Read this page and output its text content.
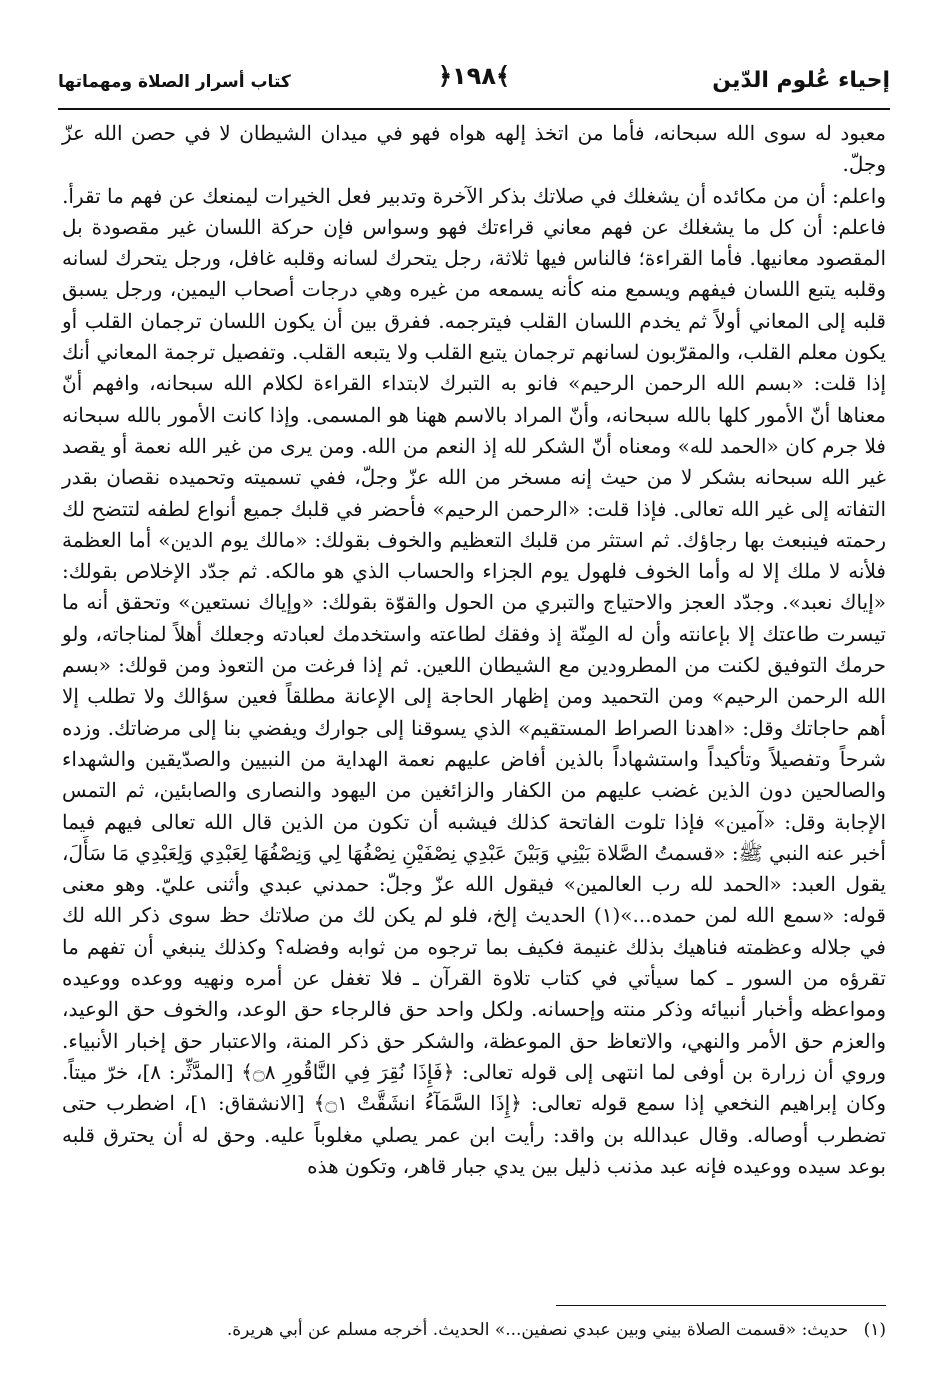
إحياء عُلوم الدّين
﴿١٩٨﴾
كتاب أسرار الصلاة ومهماتها

معبود له سوى الله سبحانه، فأما من اتخذ إلهه هواه فهو في ميدان الشيطان لا في حصن الله عزّ وجلّ.

واعلم: أن من مكائده أن يشغلك في صلاتك بذكر الآخرة وتدبير فعل الخيرات ليمنعك عن فهم ما تقرأ.

فاعلم: أن كل ما يشغلك عن فهم معاني قراءتك فهو وسواس فإن حركة اللسان غير مقصودة بل المقصود معانيها. فأما القراءة؛ فالناس فيها ثلاثة، رجل يتحرك لسانه وقلبه غافل، ورجل يتحرك لسانه وقلبه يتبع اللسان فيفهم ويسمع منه كأنه يسمعه من غيره وهي درجات أصحاب اليمين، ورجل يسبق قلبه إلى المعاني أولاً ثم يخدم اللسان القلب فيترجمه. ففرق بين أن يكون اللسان ترجمان القلب أو يكون معلم القلب، والمقرّبون لسانهم ترجمان يتبع القلب ولا يتبعه القلب. وتفصيل ترجمة المعاني أنك إذا قلت: «بسم الله الرحمن الرحيم» فانو به التبرك لابتداء القراءة لكلام الله سبحانه، وافهم أنّ معناها أنّ الأمور كلها بالله سبحانه، وأنّ المراد بالاسم ههنا هو المسمى. وإذا كانت الأمور بالله سبحانه فلا جرم كان «الحمد لله» ومعناه أنّ الشكر لله إذ النعم من الله. ومن يرى من غير الله نعمة أو يقصد غير الله سبحانه بشكر لا من حيث إنه مسخر من الله عزّ وجلّ، ففي تسميته وتحميده نقصان بقدر التفاته إلى غير الله تعالى. فإذا قلت: «الرحمن الرحيم» فأحضر في قلبك جميع أنواع لطفه لتتضح لك رحمته فينبعث بها رجاؤك. ثم استثر من قلبك التعظيم والخوف بقولك: «مالك يوم الدين» أما العظمة فلأنه لا ملك إلا له وأما الخوف فلهول يوم الجزاء والحساب الذي هو مالكه. ثم جدّد الإخلاص بقولك: «إياك نعبد». وجدّد العجز والاحتياج والتبري من الحول والقوّة بقولك: «وإياك نستعين» وتحقق أنه ما تيسرت طاعتك إلا بإعانته وأن له المِنّة إذ وفقك لطاعته واستخدمك لعبادته وجعلك أهلاً لمناجاته، ولو حرمك التوفيق لكنت من المطرودين مع الشيطان اللعين. ثم إذا فرغت من التعوذ ومن قولك: «بسم الله الرحمن الرحيم» ومن التحميد ومن إظهار الحاجة إلى الإعانة مطلقاً فعين سؤالك ولا تطلب إلا أهم حاجاتك وقل: «اهدنا الصراط المستقيم» الذي يسوقنا إلى جوارك ويفضي بنا إلى مرضاتك. وزده شرحاً وتفصيلاً وتأكيداً واستشهاداً بالذين أفاض عليهم نعمة الهداية من النبيين والصدّيقين والشهداء والصالحين دون الذين غضب عليهم من الكفار والزائغين من اليهود والنصارى والصابئين، ثم التمس الإجابة وقل: «آمين» فإذا تلوت الفاتحة كذلك فيشبه أن تكون من الذين قال الله تعالى فيهم فيما أخبر عنه النبي ﷺ: «قسمتُ الصَّلاة بَيْنِي وَبَيْنَ عَبْدِي نِصْفَيْنِ نِصْفُهَا لِي وَنِصْفُهَا لِعَبْدِي وَلِعَبْدِي مَا سَأَلَ، يقول العبد: «الحمد لله رب العالمين» فيقول الله عزّ وجلّ: حمدني عبدي وأثنى عليّ. وهو معنى قوله: «سمع الله لمن حمده...»(١) الحديث إلخ، فلو لم يكن لك من صلاتك حظ سوى ذكر الله لك في جلاله وعظمته فناهيك بذلك غنيمة فكيف بما ترجوه من ثوابه وفضله؟ وكذلك ينبغي أن تفهم ما تقرؤه من السور ـ كما سيأتي في كتاب تلاوة القرآن ـ فلا تغفل عن أمره ونهيه ووعده ووعيده ومواعظه وأخبار أنبيائه وذكر منته وإحسانه. ولكل واحد حق فالرجاء حق الوعد، والخوف حق الوعيد، والعزم حق الأمر والنهي، والاتعاظ حق الموعظة، والشكر حق ذكر المنة، والاعتبار حق إخبار الأنبياء. وروي أن زرارة بن أوفى لما انتهى إلى قوله تعالى: ﴿فَإِذَا نُقِرَ فِي النَّاقُورِ ۝٨﴾ [المدَّثِّر: ٨]، خرّ ميتاً. وكان إبراهيم النخعي إذا سمع قوله تعالى: ﴿إِذَا السَّمَآءُ انشَقَّتْ ۝١﴾ [الانشقاق: ١]، اضطرب حتى تضطرب أوصاله. وقال عبدالله بن واقد: رأيت ابن عمر يصلي مغلوباً عليه. وحق له أن يحترق قلبه بوعد سيده ووعيده فإنه عبد مذنب ذليل بين يدي جبار قاهر، وتكون هذه

(١) حديث: «قسمت الصلاة بيني وبين عبدي نصفين...» الحديث. أخرجه مسلم عن أبي هريرة.
